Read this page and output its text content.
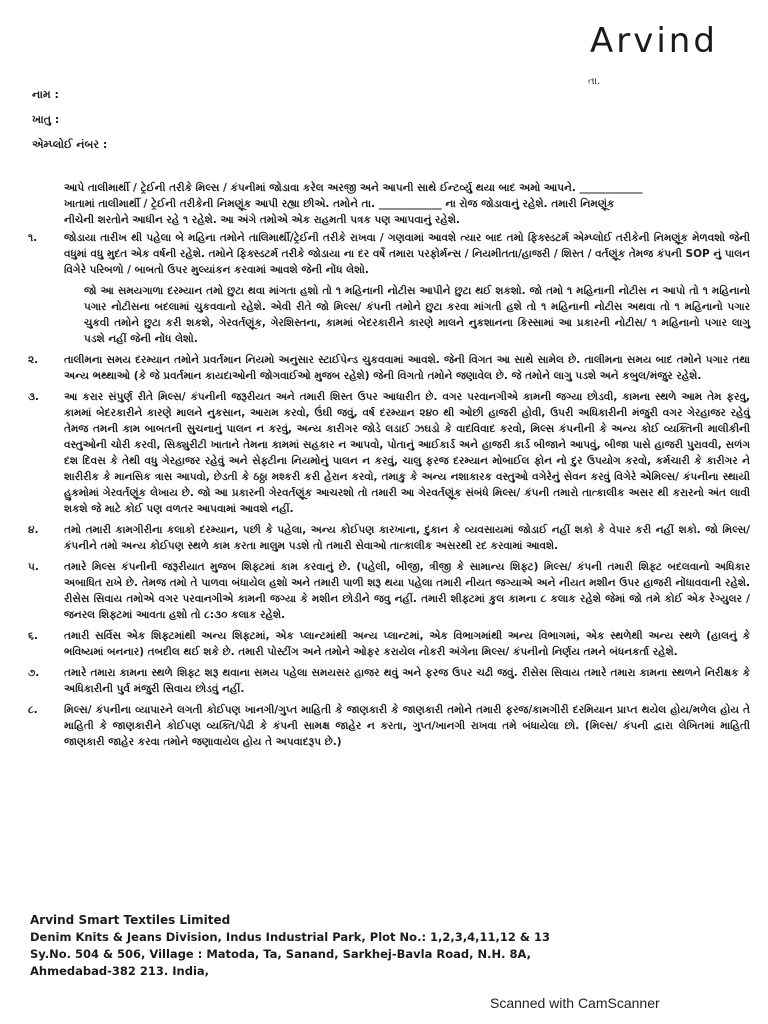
Arvind
તા.
નામ :
ખાતુ :
એમ્પ્લોઈ નંબર :
આપે તાલીમાર્થી / ટ્રેઈની તરીકે મિલ્સ / કંપનીમાં જોડાવા કરેલ અરજી અને આપની સાથે ઈન્ટર્વ્યુ થયા બાદ અમો આપને. ____________
ખાતામાં તાલીમાર્થી / ટ્રેઈની તરીકેની નિમણૂંક આપી રહ્યા છીએ. તમોને તા. ____________ ના રોજ જોડાવાનું રહેશે. તમારી નિમણૂંક
નીચેની શરતોને આધીન રહે ૧ રહેશે. આ અંગે તમોએ એક રાહમતી પત્રક પણ આપવાનું રહેશે.
૧.	જોડાયા તારીખ થી પહેલા બે મહિના તમોને તાલિમાર્થી/ટ્રેઈની તરીકે રાખવા / ગણવામાં આવશે ત્યાર બાદ તમો ફિક્સ્ડટર્મ એમ્પ્લોઈ તરીકેની નિમણૂંક મેળવશો જેની વધુમાં વધુ મુદત એક વર્ષની રહેશે. તમોને ફિક્સ્ડટર્મ તરીકે જોડાયા ના દર વર્ષે તમારા પરફોર્મન્સ / નિયમીતતા/હાજરી / શિસ્ત / વર્તણૂંક તેમજ કંપની SOP નું પાલન વિગેરે પરિબળો / બાબતો ઉપર મુલ્યાંકન કરવામાં આવશે જેની નોંધ લેશો.
જો આ સમયગાળા દરમ્યાન તમો છુટા થવા માંગતા હશો તો ૧ મહિનાની નોટીસ આપીને છુટા થઈ શકશો. જો તમો ૧ મહિનાની નોટીસ ન આપો તો ૧ મહિનાનો પગાર નોટીસના બદલામાં ચુકવવાનો રહેશે. એવી રીતે જો મિલ્સ/ કંપની તમોને છુટા કરવા માંગતી હશે તો ૧ મહિનાની નોટીસ અથવા તો ૧ મહિનાનો પગાર ચુકવી તમોને છુટા કરી શકશે, ગેરવર્તણૂંક, ગેરશિસ્તના, કામમાં બેદરકારીને કારણે માલને નુકશાનના કિસ્સામાં આ પ્રકારની નોટીસ/ ૧ મહિનાનો પગાર લાગુ પડશે નહીં જેની નોંધ લેશો.
૨.	તાલીમના સમય દરમ્યાન તમોને પ્રવર્તમાન નિયમો અનુસાર સ્ટાઈપેન્ડ ચુકવવામાં આવશે. જેની વિગત આ સાથે સામેલ છે. તાલીમના સમય બાદ તમોને પગાર તથા અન્ય ભથ્થાઓ (કે જે પ્રવર્તમાન કાયદાઓની જોગવાઈઓ મુજબ રહેશે) જેની વિગતો તમોને જણાવેલ છે. જે તમોને લાગુ પડશે અને કબુલ/મંજુર રહેશે.
૩.	આ કરાર સંપુર્ણ રીતે મિલ્સ/ કંપનીની જરૂરીયત અને તમારી શિસ્ત ઉપર આધારીત છે. વગર પરવાનગીએ કામની જગ્યા છોડવી, કામના સ્થળે આમ તેમ ફરવુ, કામમાં બેદરકારીને કારણે માલને નુકસાન, આરામ કરવો, ઉંઘી જવું, વર્ષ દરમ્યાન ૨૪૦ થી ઓછી હાજરી હોવી, ઉપરી અધિકારીની મંજુરી વગર ગેરહાજર રહેવું તેમજ તમની કામ બાબતની સુચનાનું પાલન ન કરવું, અન્ય કારીગર જોડે લડાઈ ઝઘડો કે વાદવિવાદ કરવો, મિલ્સ કંપનીની કે અન્ય કોઈ વ્યક્તિની માલીકીની વસ્તુઓની ચોરી કરવી, સિક્યુરીટી ખાતાને તેમના કામમાં સહકાર ન આપવો, પોતાનું આઈકાર્ડ અને હાજરી કાર્ડ બીજાને આપવું, બીજા પાસે હાજરી પુરાવવી, સળંગ દશ દિવસ કે તેથી વધુ ગેરહાજર રહેવું અને સેફ્ટીના નિયમોનું પાલન ન કરવું, ચાલુ ફરજ દરમ્યાન મોબાઈલ ફોન નો દુર ઉપયોગ કરવો, કર્મચારી કે કારીગર ને શારીરીક કે માનસિક ત્રાસ આપવો, છેડતી કે ઠઠ્ઠા મશ્કરી કરી હેરાન કરવો, તમાકુ કે અન્ય નશાકારક વસ્તુઓ વગેરેનું સેવન કરવું વિગેરે એમિલ્સ/ કંપનીના સ્થાયી હુકમોમાં ગેરવર્તણૂંક લેખાય છે. જો આ પ્રકારની ગેરવર્તણૂંક આચરશો તો તમારી આ ગેરવર્તણૂંક સંબંધે મિલ્સ/ કંપની તમારો તાત્કાલીક અસર થી કરારનો અંત લાવી શકશે જે માટે કોઈ પણ વળતર આપવામાં આવશે નહીં.
૪.	તમો તમારી કામગીરીના કલાકો દરમ્યાન, પછી કે પહેલા, અન્ય કોઈપણ કારખાના, દુકાન કે વ્યવસાયમાં જોડાઈ નહીં શકો કે વેપાર કરી નહીં શકો. જો મિલ્સ/ કંપનીને તમો અન્ય કોઈપણ સ્થળે કામ કરતા માલુમ પડશે તો તમારી સેવાઓ તાત્કાલીક અસરથી રદ કરવામાં આવશે.
૫.	તમારે મિલ્સ કંપનીની જરૂરીયાત મુજબ શિફ્ટમાં કામ કરવાનું છે. (પહેલી, બીજી, ત્રીજી કે સામાન્ય શિફ્ટ) મિલ્સ/ કંપની તમારી શિફ્ટ બદલવાનો અધિકાર અબાધિત રાખે છે. તેમજ તમો તે પાળવા બંધાયેલ હશો અને તમારી પાળી શરૂ થયા પહેલા તમારી નીયત જગ્યાએ અને નીયત મશીન ઉપર હાજરી નોંધાવવાની રહેશે. રીસેસ સિવાય તમોએ વગર પરવાનગીએ કામની જગ્યા કે મશીન છોડીને જવુ નહીં. તમારી શીફ્ટમાં કુલ કામના ૮ કલાક રહેશે જેમાં જો તમે કોઈ એક રેગ્યુલર / જનરલ શિફ્ટમાં આવતા હશો તો ૮:૩૦ કલાક રહેશે.
૬.	તમારી સર્વિસ એક શિફ્ટમાંથી અન્ય શિફ્ટમાં, એક પ્લાન્ટમાંથી અન્ય પ્લાન્ટમાં, એક વિભાગમાંથી અન્ય વિભાગમાં, એક સ્થળેથી અન્ય સ્થળે (હાલનું કે ભવિષ્યમાં બનનાર) તબદીલ થઈ શકે છે. તમારી પોસ્ટીંગ અને તમોને ઓફર કરાયેલ નોકરી અંગેના મિલ્સ/ કંપનીનો નિર્ણય તમને બંધનકર્તા રહેશે.
૭.	તમારે તમારા કામના સ્થળે શિફ્ટ શરૂ થવાના સમય પહેલા સમયસર હાજર થવું અને ફરજ ઉપર ચઢી જવું. રીસેસ સિવાય તમારે તમારા કામના સ્થળને નિરીક્ષક કે અધિકારીની પુર્વ મંજુરી સિવાય છોડવું નહીં.
૮.	મિલ્સ/ કંપનીના વ્યાપારને લગતી કોઈપણ ખાનગી/ગુપ્ત માહિતી કે જાણકારી કે જાણકારી તમોને તમારી ફરજ/કામગીરી દરમિયાન પ્રાપ્ત થયેલ હોય/મળેલ હોય તે માહિતી કે જાણકારીને કોઈપણ વ્યક્તિ/પેઢી કે કંપની સામક્ષ જાહેર ન કરતા, ગુપ્ત/ખાનગી રાખવા તમે બંધાયેલા છો. (મિલ્સ/ કંપની દ્વારા લેખિતમાં માહિતી જાણકારી જાહેર કરવા તમોને જણાવાયેલ હોય તે અપવાદરૂપ છે.)
Arvind Smart Textiles Limited
Denim Knits & Jeans Division, Indus Industrial Park, Plot No.: 1,2,3,4,11,12 & 13
Sy.No. 504 & 506, Village : Matoda, Ta, Sanand, Sarkhej-Bavla Road, N.H. 8A,
Ahmedabad-382 213. India,
Scanned with CamScanner
